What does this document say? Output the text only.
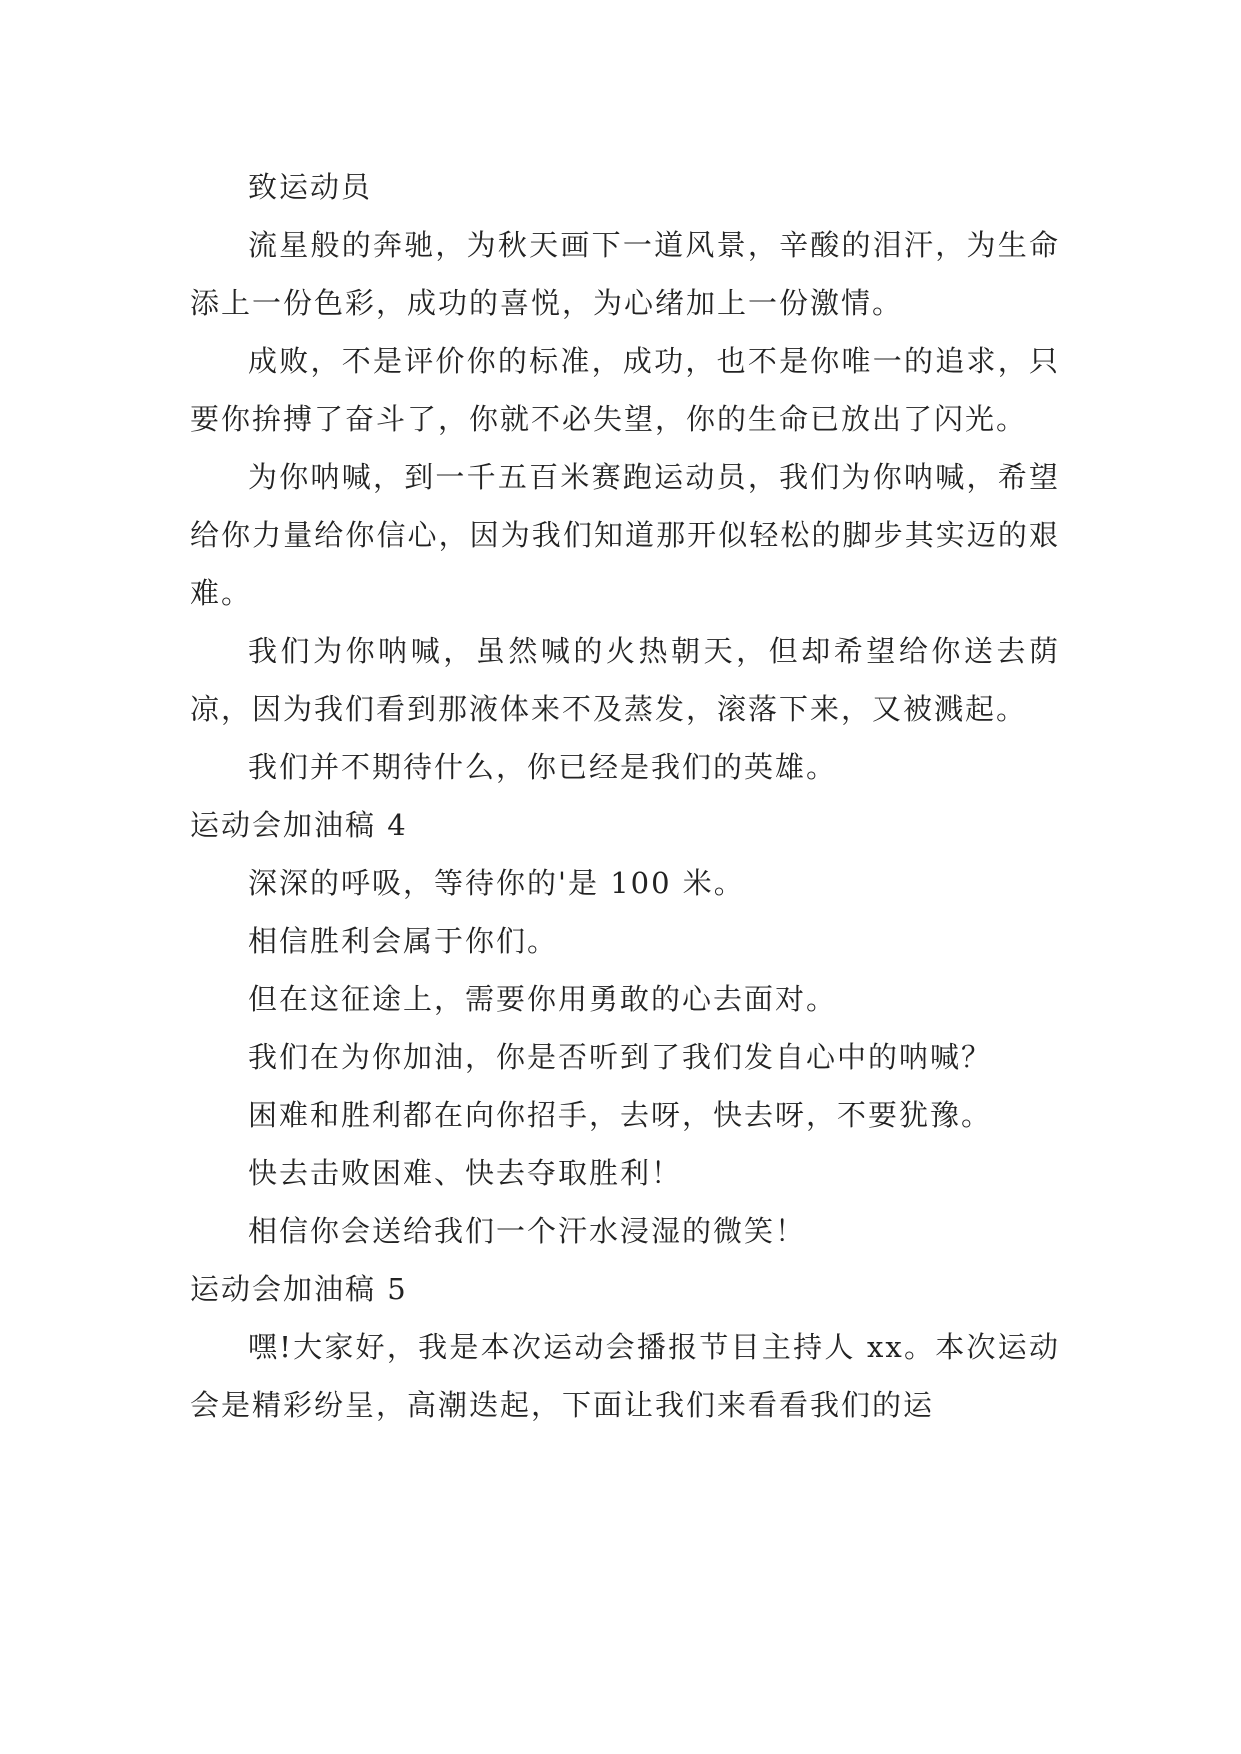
致运动员

流星般的奔驰，为秋天画下一道风景，辛酸的泪汗，为生命添上一份色彩，成功的喜悦，为心绪加上一份激情。

成败，不是评价你的标准，成功，也不是你唯一的追求，只要你拚搏了奋斗了，你就不必失望，你的生命已放出了闪光。

为你呐喊，到一千五百米赛跑运动员，我们为你呐喊，希望给你力量给你信心，因为我们知道那开似轻松的脚步其实迈的艰难。

我们为你呐喊，虽然喊的火热朝天，但却希望给你送去荫凉，因为我们看到那液体来不及蒸发，滚落下来，又被溅起。

我们并不期待什么，你已经是我们的英雄。

运动会加油稿 4

深深的呼吸，等待你的'是 100 米。

相信胜利会属于你们。

但在这征途上，需要你用勇敢的心去面对。

我们在为你加油，你是否听到了我们发自心中的呐喊？

困难和胜利都在向你招手，去呀，快去呀，不要犹豫。

快去击败困难、快去夺取胜利！

相信你会送给我们一个汗水浸湿的微笑！

运动会加油稿 5

嘿!大家好，我是本次运动会播报节目主持人 xx。本次运动会是精彩纷呈，高潮迭起，下面让我们来看看我们的运
